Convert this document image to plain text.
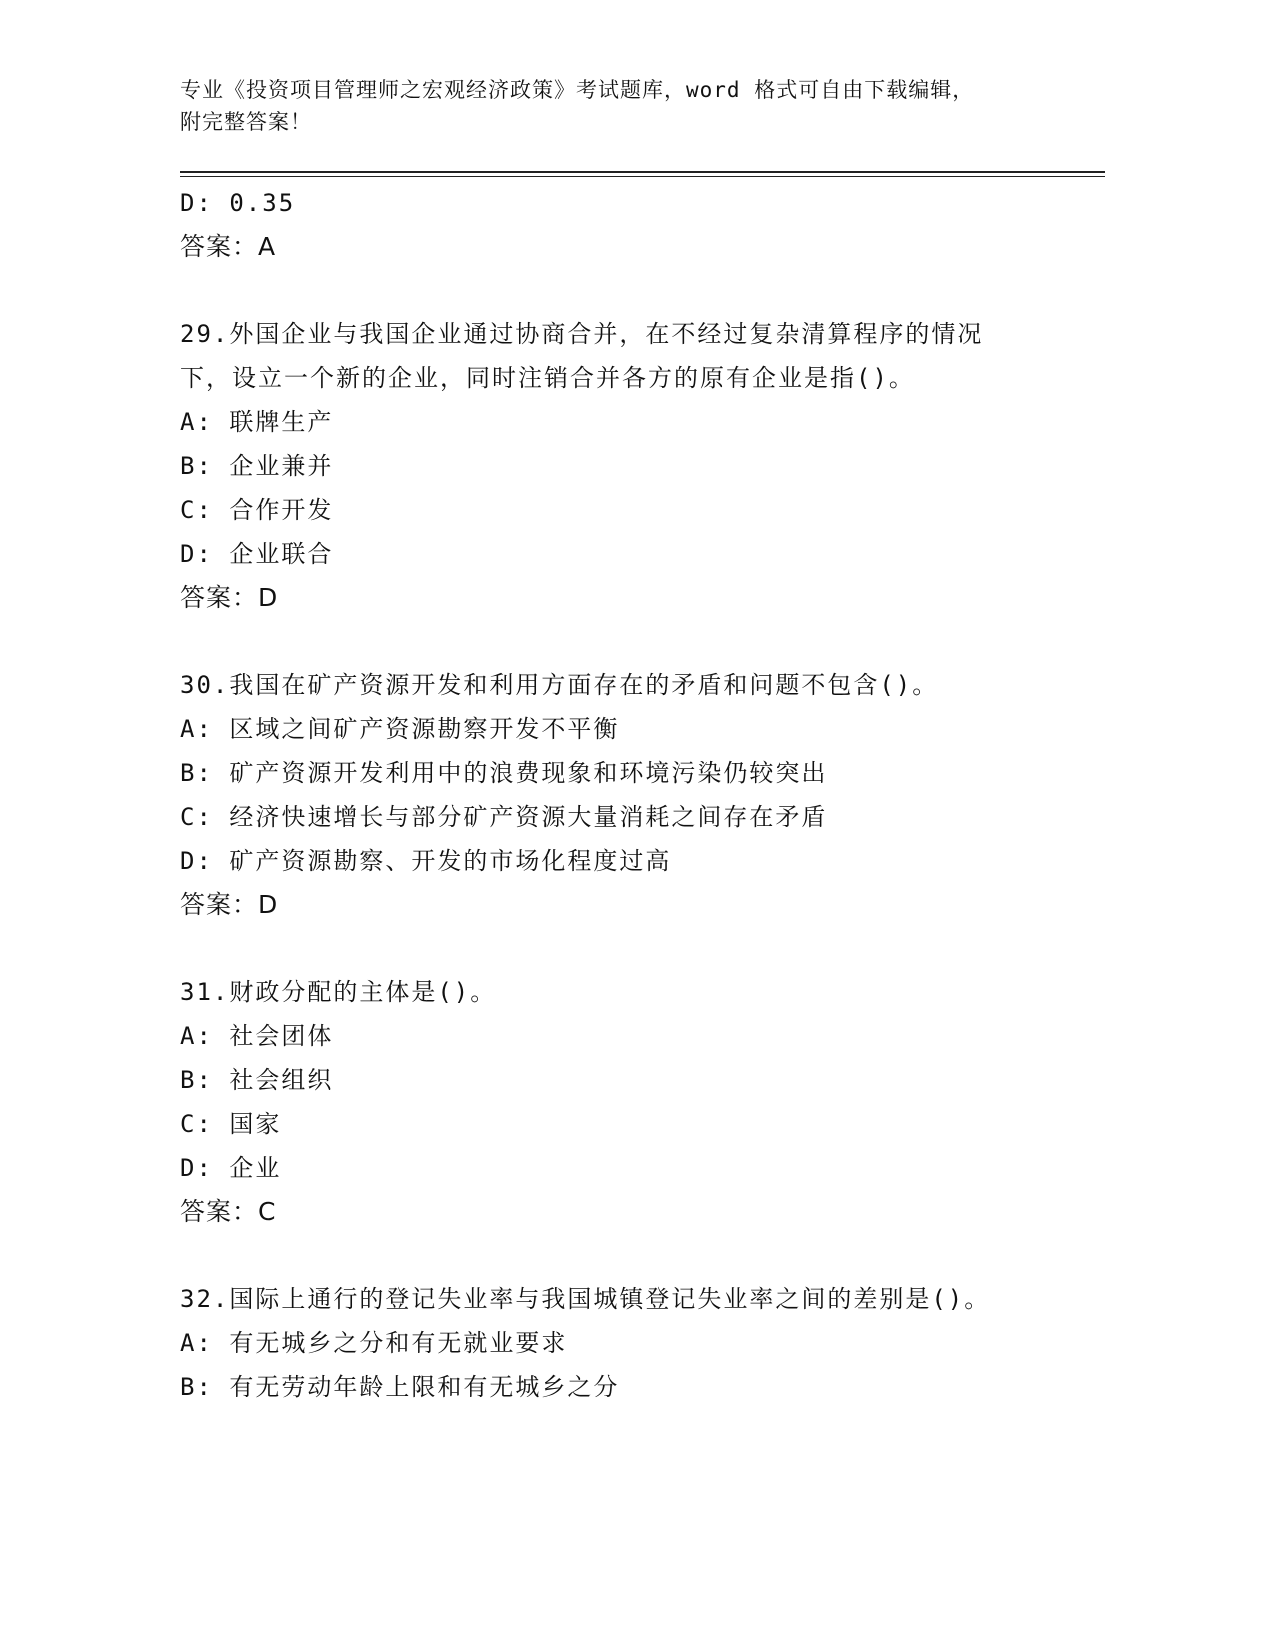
专业《投资项目管理师之宏观经济政策》考试题库，word 格式可自由下载编辑，
附完整答案！
D: 0.35
答案：A
29.外国企业与我国企业通过协商合并，在不经过复杂清算程序的情况
下，设立一个新的企业，同时注销合并各方的原有企业是指()。
A: 联牌生产
B: 企业兼并
C: 合作开发
D: 企业联合
答案：D
30.我国在矿产资源开发和利用方面存在的矛盾和问题不包含()。
A: 区域之间矿产资源勘察开发不平衡
B: 矿产资源开发利用中的浪费现象和环境污染仍较突出
C: 经济快速增长与部分矿产资源大量消耗之间存在矛盾
D: 矿产资源勘察、开发的市场化程度过高
答案：D
31.财政分配的主体是()。
A: 社会团体
B: 社会组织
C: 国家
D: 企业
答案：C
32.国际上通行的登记失业率与我国城镇登记失业率之间的差别是()。
A: 有无城乡之分和有无就业要求
B: 有无劳动年龄上限和有无城乡之分
